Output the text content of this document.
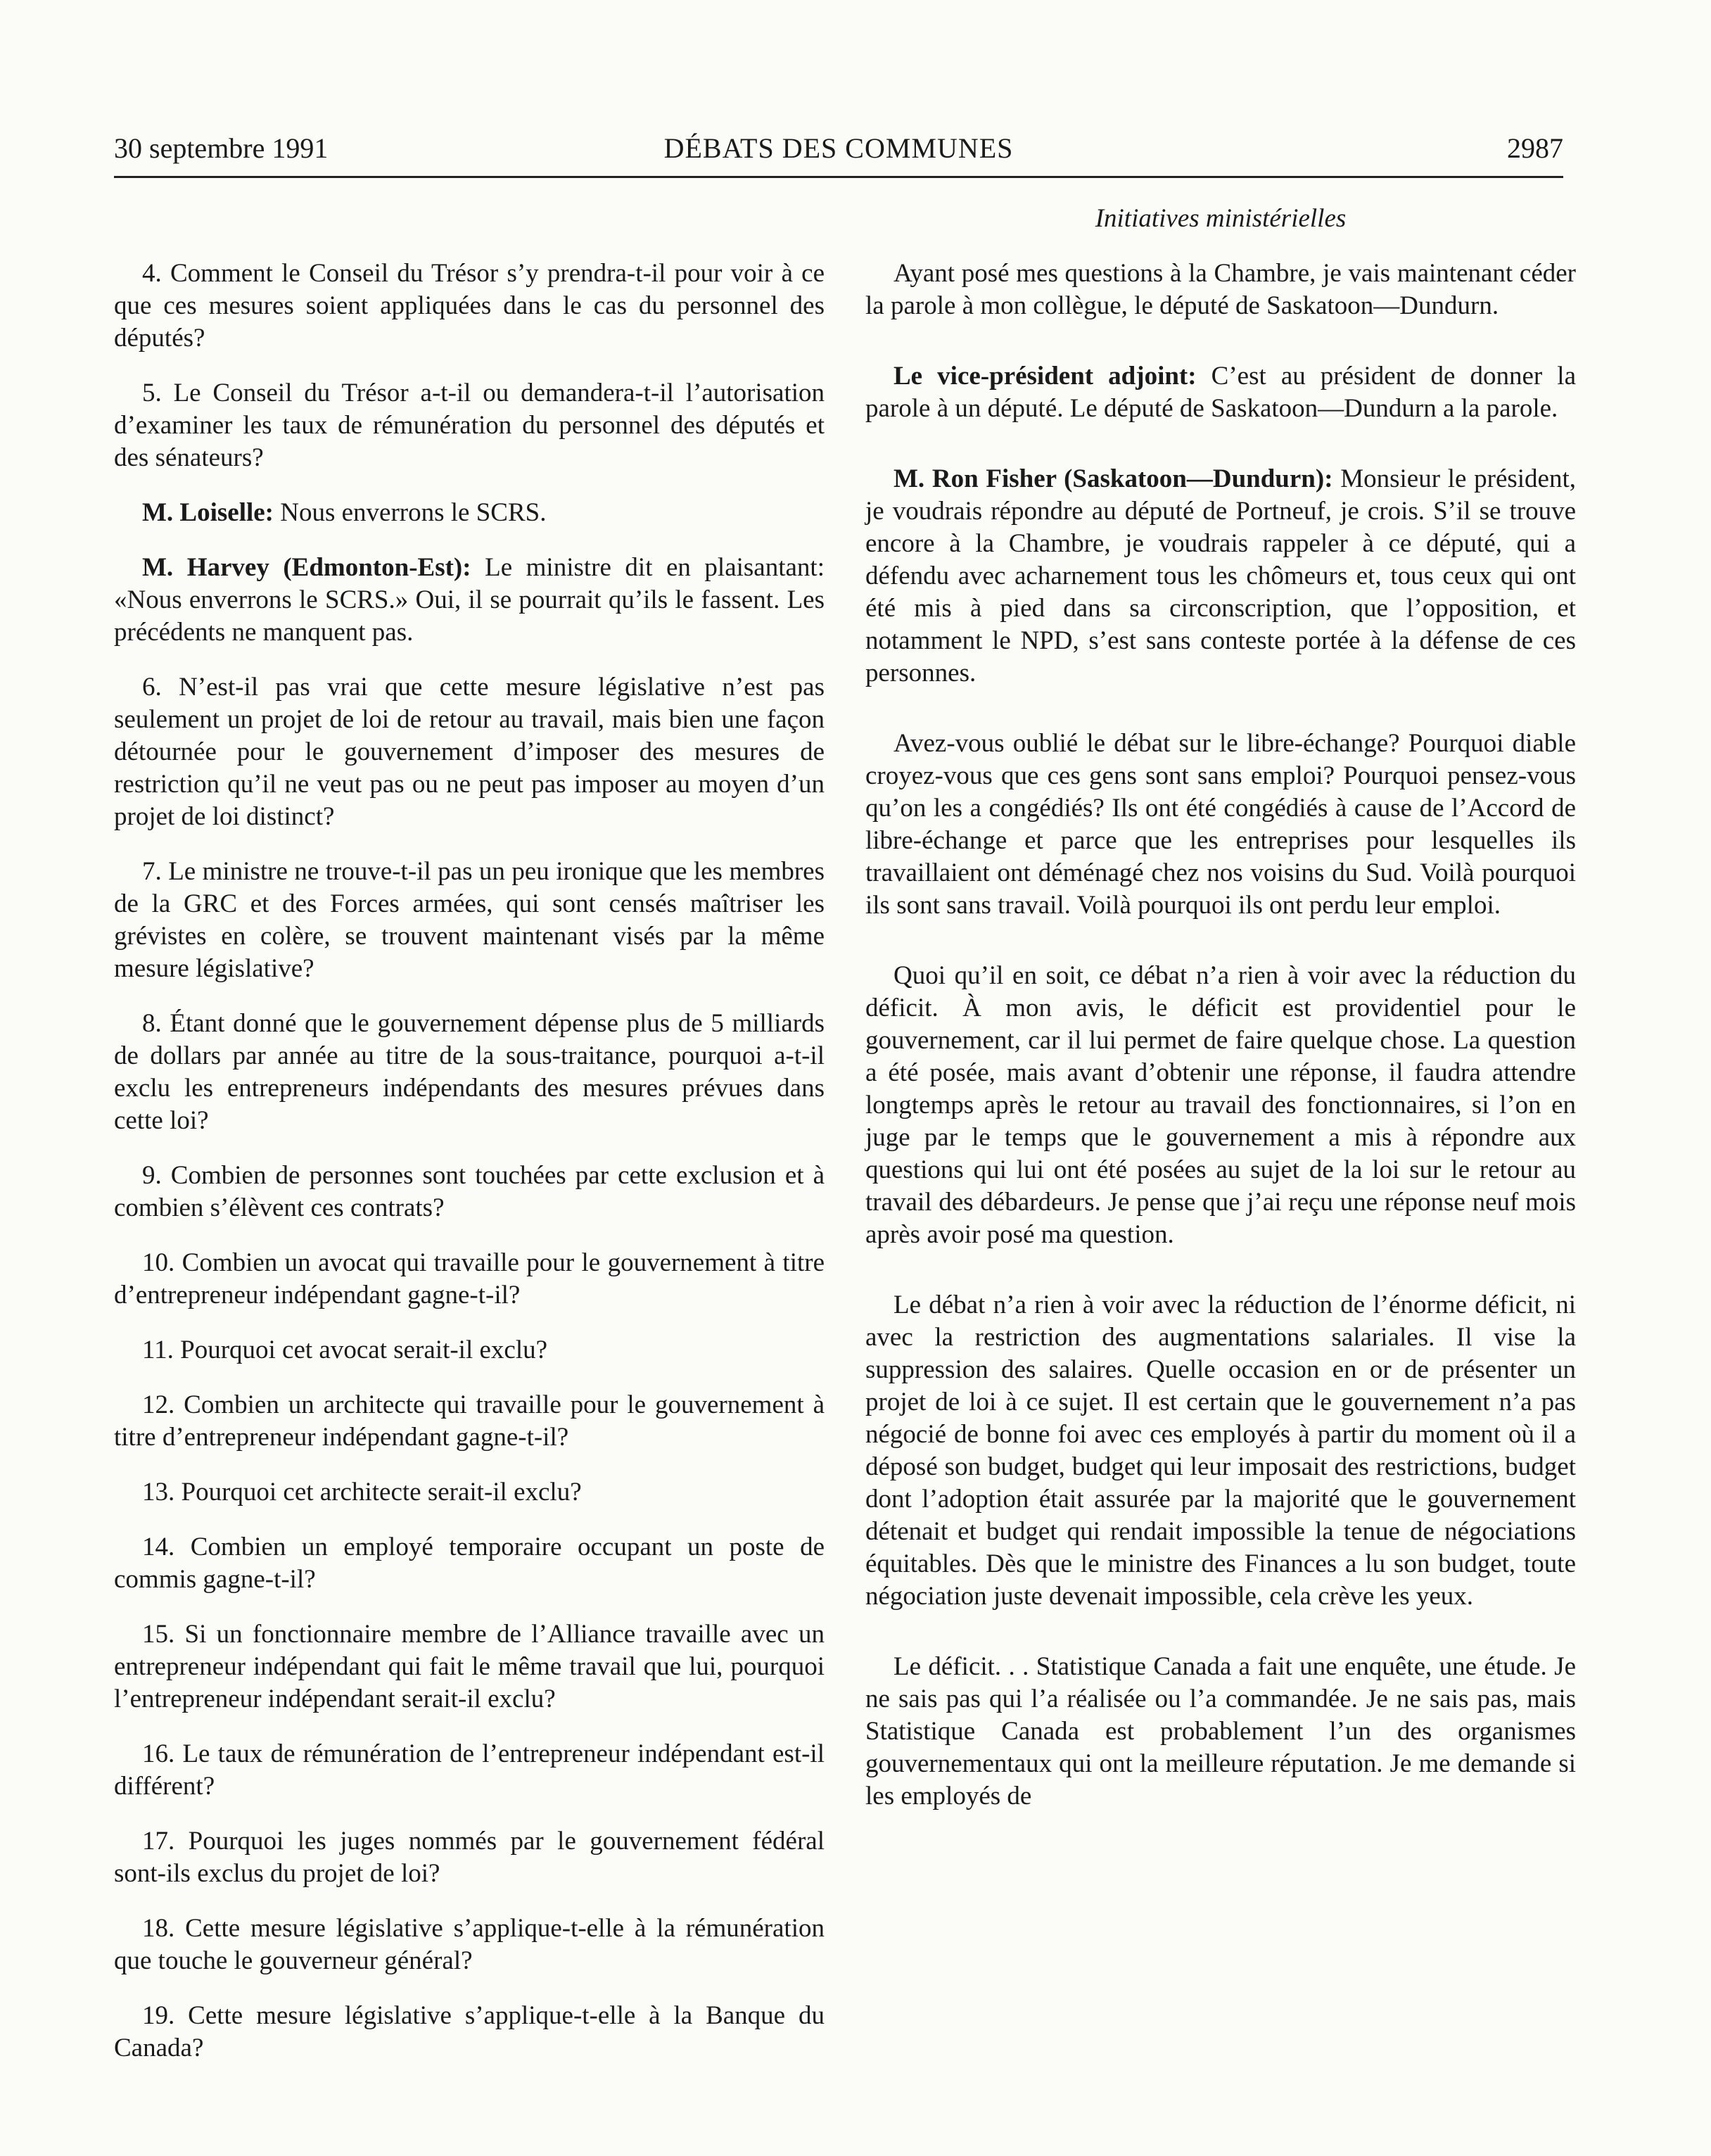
30 septembre 1991	DÉBATS DES COMMUNES	2987
Initiatives ministérielles

4. Comment le Conseil du Trésor s’y prendra-t-il pour voir à ce que ces mesures soient appliquées dans le cas du personnel des députés?

5. Le Conseil du Trésor a-t-il ou demandera-t-il l’autorisation d’examiner les taux de rémunération du personnel des députés et des sénateurs?

M. Loiselle: Nous enverrons le SCRS.

M. Harvey (Edmonton-Est): Le ministre dit en plaisantant: «Nous enverrons le SCRS.» Oui, il se pourrait qu’ils le fassent. Les précédents ne manquent pas.

6. N’est-il pas vrai que cette mesure législative n’est pas seulement un projet de loi de retour au travail, mais bien une façon détournée pour le gouvernement d’imposer des mesures de restriction qu’il ne veut pas ou ne peut pas imposer au moyen d’un projet de loi distinct?

7. Le ministre ne trouve-t-il pas un peu ironique que les membres de la GRC et des Forces armées, qui sont censés maîtriser les grévistes en colère, se trouvent maintenant visés par la même mesure législative?

8. Étant donné que le gouvernement dépense plus de 5 milliards de dollars par année au titre de la sous-traitance, pourquoi a-t-il exclu les entrepreneurs indépendants des mesures prévues dans cette loi?

9. Combien de personnes sont touchées par cette exclusion et à combien s’élèvent ces contrats?

10. Combien un avocat qui travaille pour le gouvernement à titre d’entrepreneur indépendant gagne-t-il?

11. Pourquoi cet avocat serait-il exclu?

12. Combien un architecte qui travaille pour le gouvernement à titre d’entrepreneur indépendant gagne-t-il?

13. Pourquoi cet architecte serait-il exclu?

14. Combien un employé temporaire occupant un poste de commis gagne-t-il?

15. Si un fonctionnaire membre de l’Alliance travaille avec un entrepreneur indépendant qui fait le même travail que lui, pourquoi l’entrepreneur indépendant serait-il exclu?

16. Le taux de rémunération de l’entrepreneur indépendant est-il différent?

17. Pourquoi les juges nommés par le gouvernement fédéral sont-ils exclus du projet de loi?

18. Cette mesure législative s’applique-t-elle à la rémunération que touche le gouverneur général?

19. Cette mesure législative s’applique-t-elle à la Banque du Canada?

Ayant posé mes questions à la Chambre, je vais maintenant céder la parole à mon collègue, le député de Saskatoon—Dundurn.

Le vice-président adjoint: C’est au président de donner la parole à un député. Le député de Saskatoon—Dundurn a la parole.

M. Ron Fisher (Saskatoon—Dundurn): Monsieur le président, je voudrais répondre au député de Portneuf, je crois. S’il se trouve encore à la Chambre, je voudrais rappeler à ce député, qui a défendu avec acharnement tous les chômeurs et, tous ceux qui ont été mis à pied dans sa circonscription, que l’opposition, et notamment le NPD, s’est sans conteste portée à la défense de ces personnes.

Avez-vous oublié le débat sur le libre-échange? Pourquoi diable croyez-vous que ces gens sont sans emploi? Pourquoi pensez-vous qu’on les a congédiés? Ils ont été congédiés à cause de l’Accord de libre-échange et parce que les entreprises pour lesquelles ils travaillaient ont déménagé chez nos voisins du Sud. Voilà pourquoi ils sont sans travail. Voilà pourquoi ils ont perdu leur emploi.

Quoi qu’il en soit, ce débat n’a rien à voir avec la réduction du déficit. À mon avis, le déficit est providentiel pour le gouvernement, car il lui permet de faire quelque chose. La question a été posée, mais avant d’obtenir une réponse, il faudra attendre longtemps après le retour au travail des fonctionnaires, si l’on en juge par le temps que le gouvernement a mis à répondre aux questions qui lui ont été posées au sujet de la loi sur le retour au travail des débardeurs. Je pense que j’ai reçu une réponse neuf mois après avoir posé ma question.

Le débat n’a rien à voir avec la réduction de l’énorme déficit, ni avec la restriction des augmentations salariales. Il vise la suppression des salaires. Quelle occasion en or de présenter un projet de loi à ce sujet. Il est certain que le gouvernement n’a pas négocié de bonne foi avec ces employés à partir du moment où il a déposé son budget, budget qui leur imposait des restrictions, budget dont l’adoption était assurée par la majorité que le gouvernement détenait et budget qui rendait impossible la tenue de négociations équitables. Dès que le ministre des Finances a lu son budget, toute négociation juste devenait impossible, cela crève les yeux.

Le déficit. . . Statistique Canada a fait une enquête, une étude. Je ne sais pas qui l’a réalisée ou l’a commandée. Je ne sais pas, mais Statistique Canada est probablement l’un des organismes gouvernementaux qui ont la meilleure réputation. Je me demande si les employés de
